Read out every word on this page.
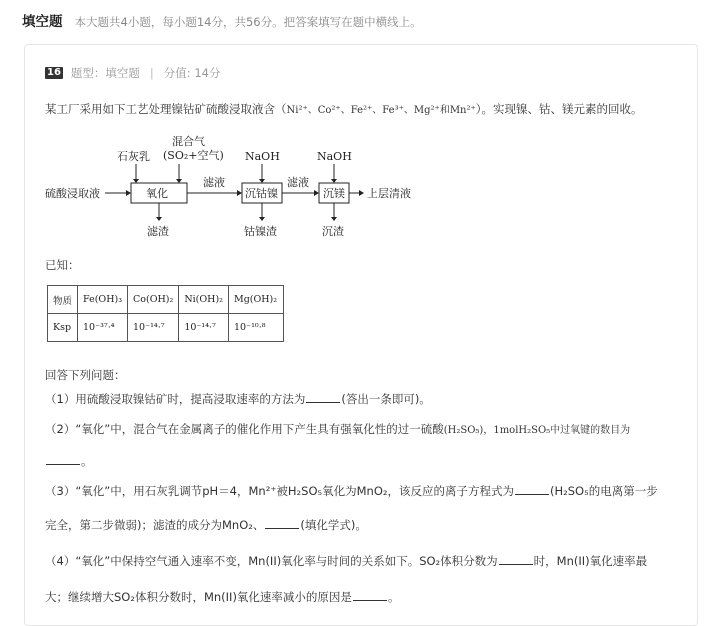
填空题 本大题共4小题，每小题14分，共56分。把答案填写在题中横线上。
16 题型：填空题 | 分值: 14分
某工厂采用如下工艺处理镍钴矿硫酸浸取液含（Ni²⁺、Co²⁺、Fe²⁺、Fe³⁺、Mg²⁺和Mn²⁺）。实现镍、钴、镁元素的回收。
硫酸浸取液	氧化
石灰乳
混合气
(SO₂+空气)
滤液
滤渣
沉钴镍
NaOH
钴镍渣
滤液
沉镁
NaOH
沉渣
上层清液
已知：
物质	Fe(OH)₃	Co(OH)₂	Ni(OH)₂	Mg(OH)₂
Ksp	10⁻³⁷·⁴	10⁻¹⁴·⁷	10⁻¹⁴·⁷	10⁻¹⁰·⁸
回答下列问题：
（1）用硫酸浸取镍钴矿时，提高浸取速率的方法为	(答出一条即可)。
（2）“氧化”中，混合气在金属离子的催化作用下产生具有强氧化性的过一硫酸(H₂SO₅)，1molH₂SO₅中过氧键的数目为
。
（3）“氧化”中，用石灰乳调节pH＝4，Mn²⁺被H₂SO₅氧化为MnO₂，该反应的离子方程式为	(H₂SO₅的电离第一步
完全，第二步微弱)；滤渣的成分为MnO₂、	(填化学式)。
（4）“氧化”中保持空气通入速率不变，Mn(II)氧化率与时间的关系如下。SO₂体积分数为	时，Mn(II)氧化速率最
大；继续增大SO₂体积分数时，Mn(II)氧化速率减小的原因是	。
